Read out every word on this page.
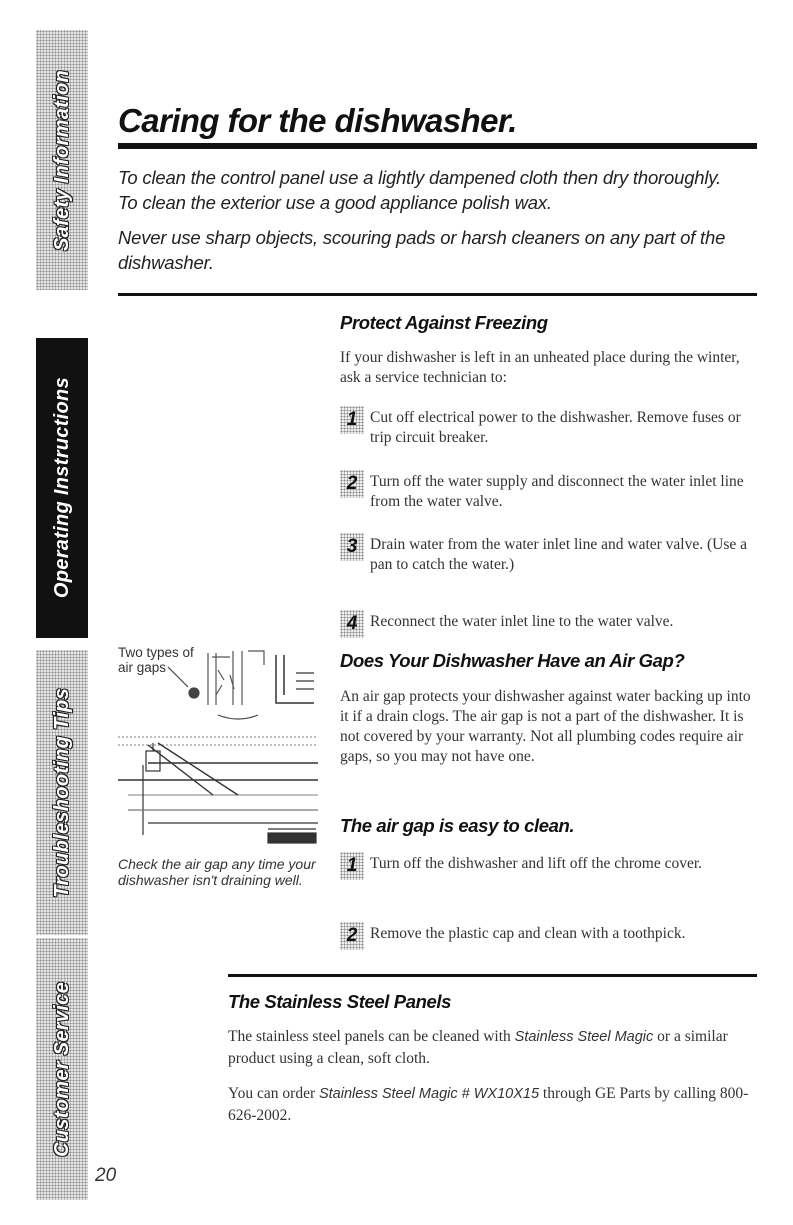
Safety Information
Operating Instructions
Troubleshooting Tips
Customer Service
20
Caring for the dishwasher.

To clean the control panel use a lightly dampened cloth then dry thoroughly.

To clean the exterior use a good appliance polish wax.

Never use sharp objects, scouring pads or harsh cleaners on any part of the dishwasher.

Protect Against Freezing

If your dishwasher is left in an unheated place during the winter, ask a service technician to:

1 Cut off electrical power to the dishwasher. Remove fuses or trip circuit breaker.
2 Turn off the water supply and disconnect the water inlet line from the water valve.
3 Drain water from the water inlet line and water valve. (Use a pan to catch the water.)
4 Reconnect the water inlet line to the water valve.
Two types of
air gaps

Check the air gap any time your dishwasher isn't draining well.

Does Your Dishwasher Have an Air Gap?

An air gap protects your dishwasher against water backing up into it if a drain clogs. The air gap is not a part of the dishwasher. It is not covered by your warranty. Not all plumbing codes require air gaps, so you may not have one.

The air gap is easy to clean.
1 Turn off the dishwasher and lift off the chrome cover.
2 Remove the plastic cap and clean with a toothpick.
The Stainless Steel Panels

The stainless steel panels can be cleaned with Stainless Steel Magic or a similar product using a clean, soft cloth.

You can order Stainless Steel Magic # WX10X15 through GE Parts by calling 800-626-2002.
